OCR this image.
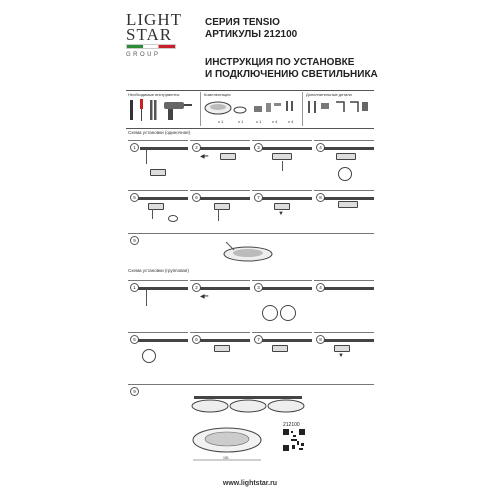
LIGHT
STAR
GROUP
СЕРИЯ TENSIO
АРТИКУЛЫ 212100
ИНСТРУКЦИЯ ПО УСТАНОВКЕ
И ПОДКЛЮЧЕНИЮ СВЕТИЛЬНИКА
Необходимые инструменты	Комплектация
x 1	x 1	x 1	x 4	x 4
Дополнительные детали
Схема установки (одиночная)
1	2
◀━
3	4
5	6	7
▼
8
9
Схема установки (групповая)
1	2
◀━
3	4
5	6	7	8
▼
9
151
212100
www.lightstar.ru
